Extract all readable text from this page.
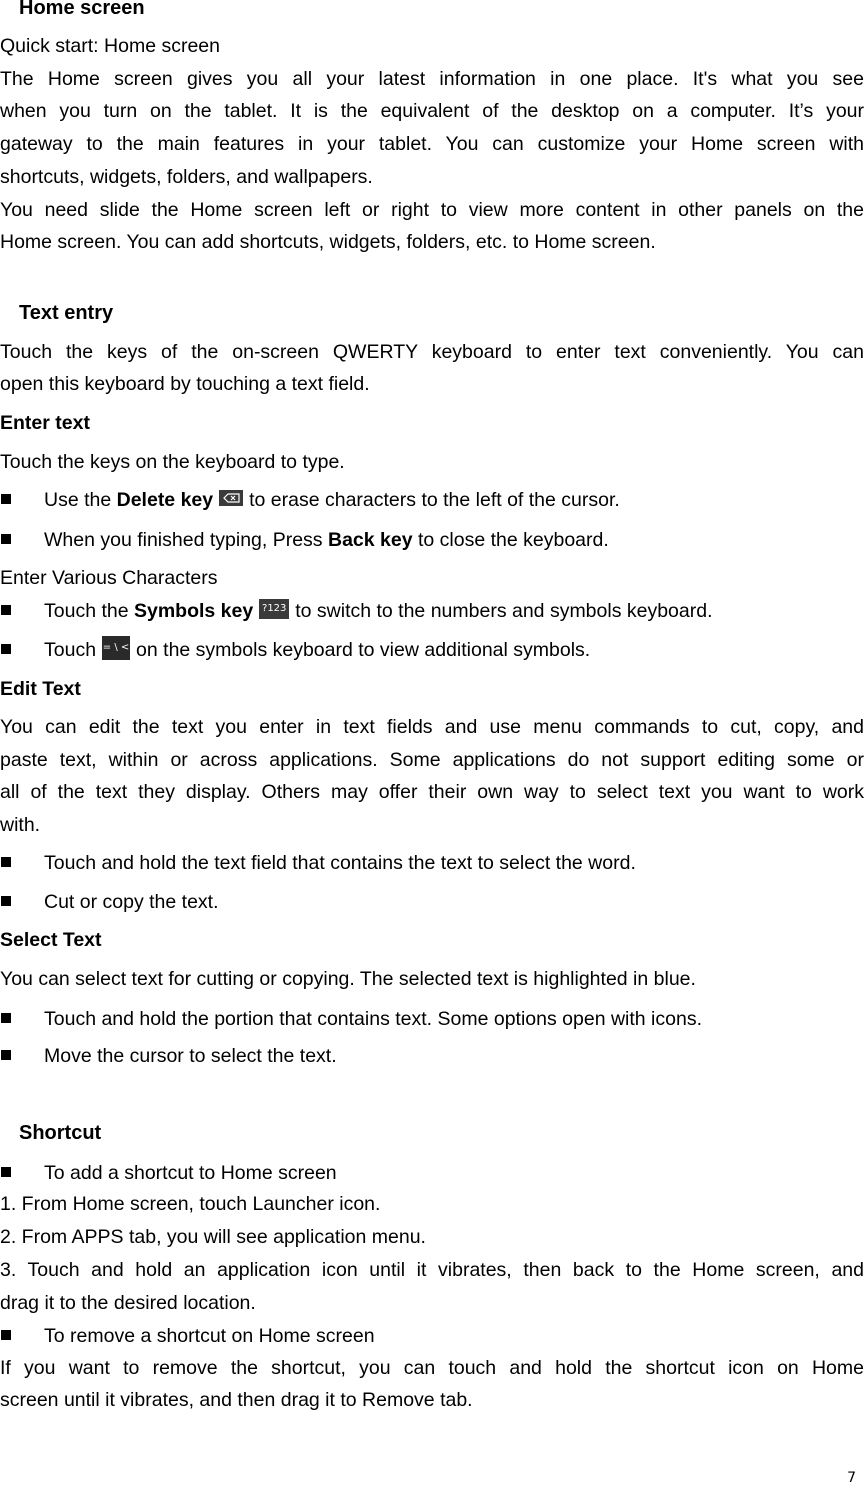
Home screen
Quick start: Home screen
The Home screen gives you all your latest information in one place. It's what you see
when you turn on the tablet. It is the equivalent of the desktop on a computer. It’s your
gateway to the main features in your tablet. You can customize your Home screen with
shortcuts, widgets, folders, and wallpapers.
You need slide the Home screen left or right to view more content in other panels on the
Home screen. You can add shortcuts, widgets, folders, etc. to Home screen.
Text entry
Touch the keys of the on-screen QWERTY keyboard to enter text conveniently. You can
open this keyboard by touching a text field.
Enter text
Touch the keys on the keyboard to type.
Use the Delete key to erase characters to the left of the cursor.
When you finished typing, Press Back key to close the keyboard.
Enter Various Characters
Touch the Symbols key ?123 to switch to the numbers and symbols keyboard.
Touch = \ < on the symbols keyboard to view additional symbols.
Edit Text
You can edit the text you enter in text fields and use menu commands to cut, copy, and
paste text, within or across applications. Some applications do not support editing some or
all of the text they display. Others may offer their own way to select text you want to work
with.
Touch and hold the text field that contains the text to select the word.
Cut or copy the text.
Select Text
You can select text for cutting or copying. The selected text is highlighted in blue.
Touch and hold the portion that contains text. Some options open with icons.
Move the cursor to select the text.
Shortcut
To add a shortcut to Home screen
1. From Home screen, touch Launcher icon.
2. From APPS tab, you will see application menu.
3. Touch and hold an application icon until it vibrates, then back to the Home screen, and
drag it to the desired location.
To remove a shortcut on Home screen
If you want to remove the shortcut, you can touch and hold the shortcut icon on Home
screen until it vibrates, and then drag it to Remove tab.
7
